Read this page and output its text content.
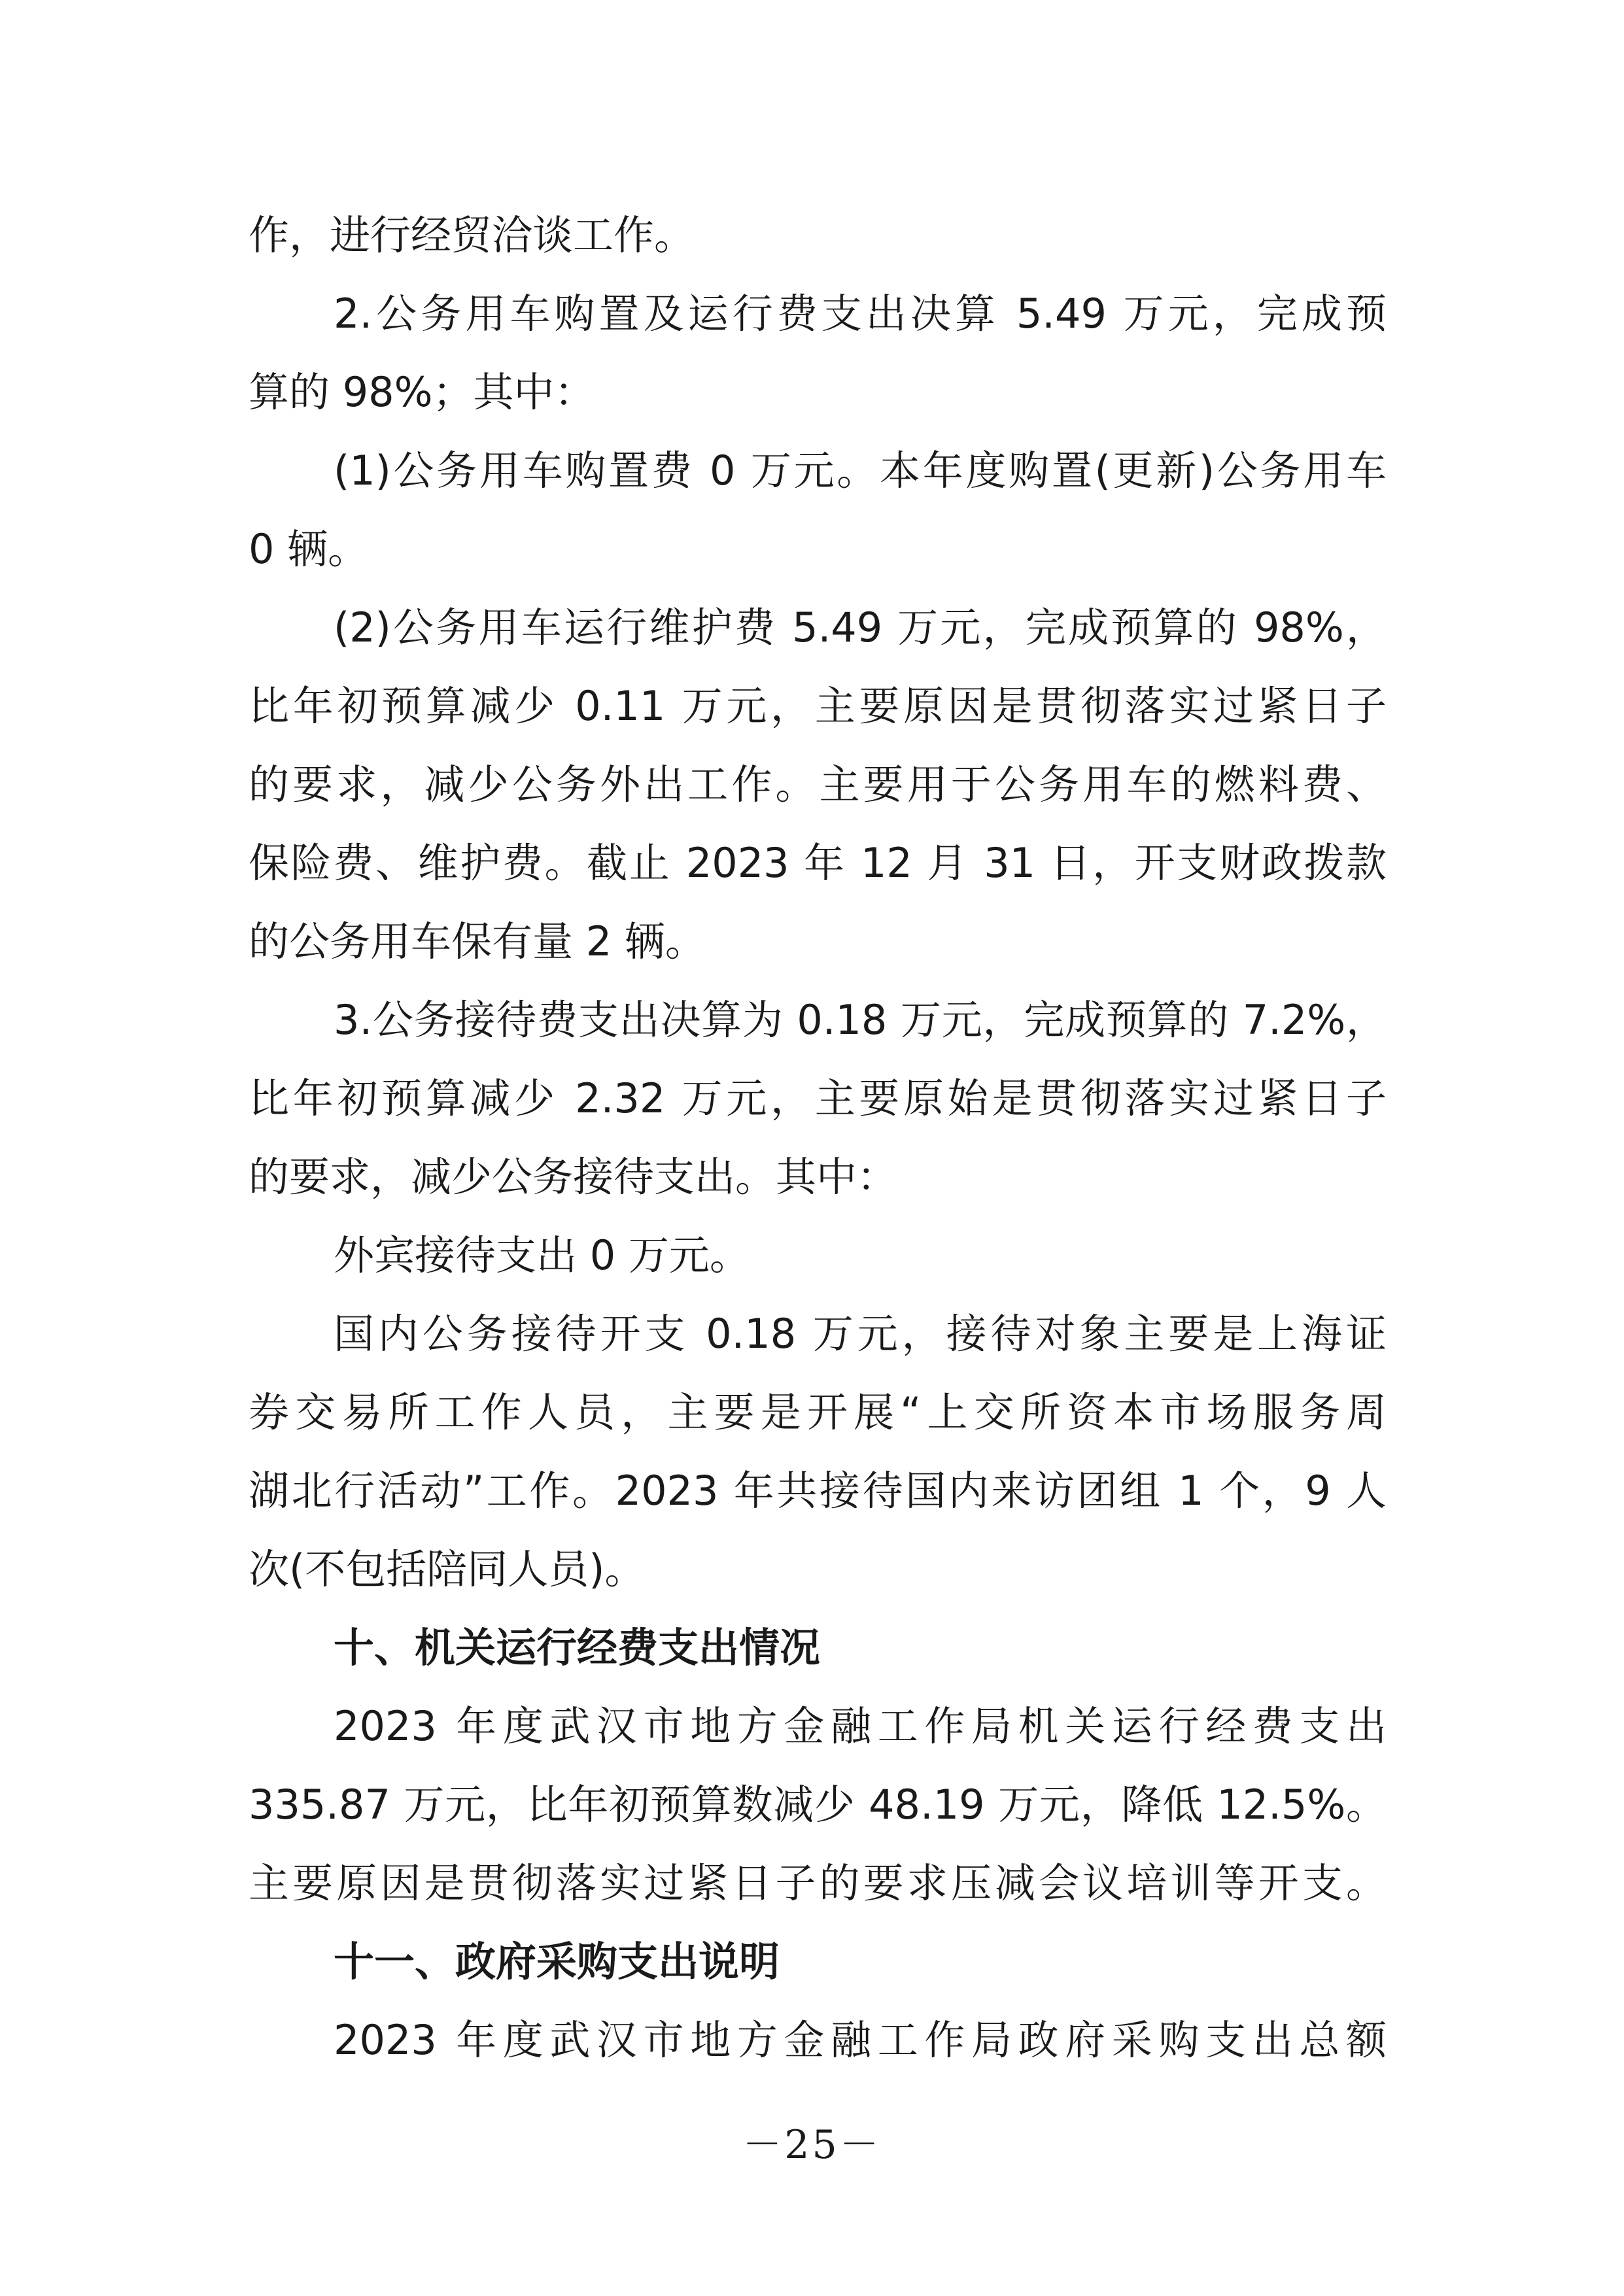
作，进行经贸洽谈工作。
2.公务用车购置及运行费支出决算 5.49 万元，完成预
算的 98%；其中：
(1)公务用车购置费 0 万元。本年度购置(更新)公务用车
0 辆。
(2)公务用车运行维护费 5.49 万元，完成预算的 98%，
比年初预算减少 0.11 万元，主要原因是贯彻落实过紧日子
的要求，减少公务外出工作。主要用于公务用车的燃料费、
保险费、维护费。截止 2023 年 12 月 31 日，开支财政拨款
的公务用车保有量 2 辆。
3.公务接待费支出决算为 0.18 万元，完成预算的 7.2%，
比年初预算减少 2.32 万元，主要原始是贯彻落实过紧日子
的要求，减少公务接待支出。其中：
外宾接待支出 0 万元。
国内公务接待开支 0.18 万元，接待对象主要是上海证
券交易所工作人员，主要是开展“上交所资本市场服务周
湖北行活动”工作。2023 年共接待国内来访团组 1 个，9 人
次(不包括陪同人员)。
十、机关运行经费支出情况
2023 年度武汉市地方金融工作局机关运行经费支出
335.87 万元，比年初预算数减少 48.19 万元，降低 12.5%。
主要原因是贯彻落实过紧日子的要求压减会议培训等开支。
十一、政府采购支出说明
2023 年度武汉市地方金融工作局政府采购支出总额
－25－
